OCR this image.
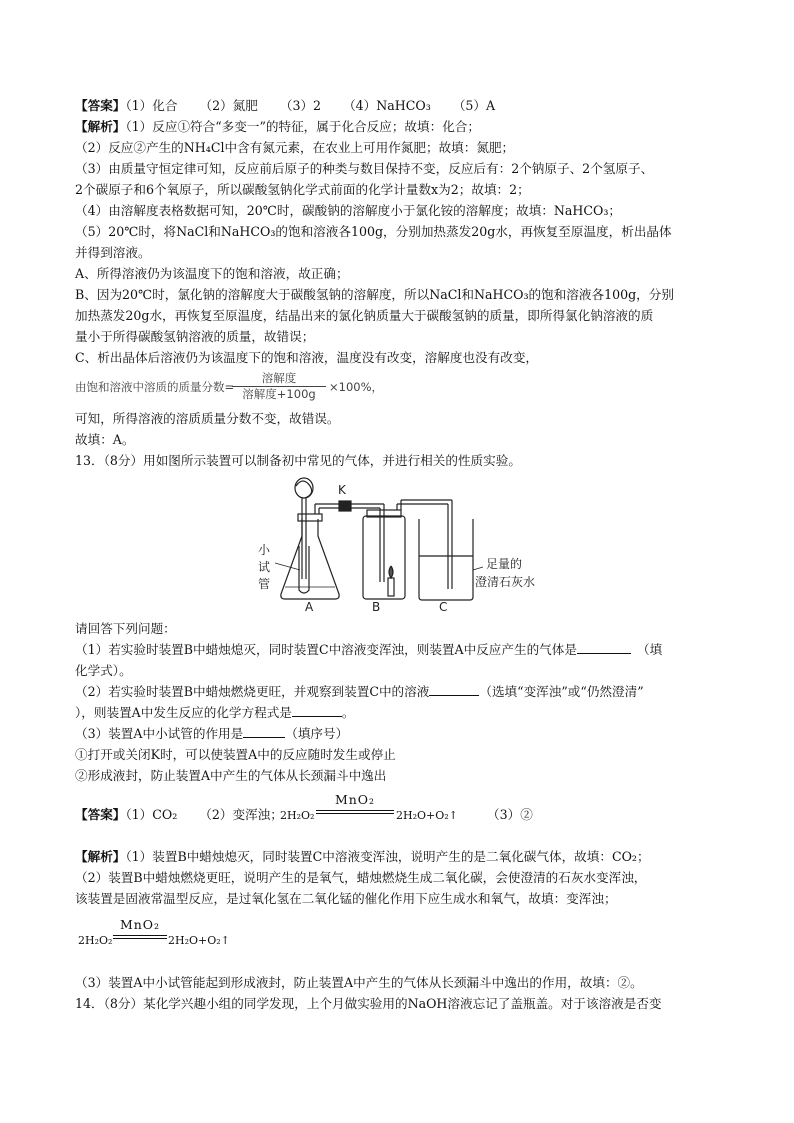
【答案】（1）化合 （2）氮肥 （3）2 （4）NaHCO₃ （5）A
【解析】（1）反应①符合“多变一”的特征，属于化合反应；故填：化合；
（2）反应②产生的NH₄Cl中含有氮元素，在农业上可用作氮肥；故填：氮肥；
（3）由质量守恒定律可知，反应前后原子的种类与数目保持不变，反应后有：2个钠原子、2个氢原子、
2个碳原子和6个氧原子，所以碳酸氢钠化学式前面的化学计量数x为2；故填：2；
（4）由溶解度表格数据可知，20℃时，碳酸钠的溶解度小于氯化铵的溶解度；故填：NaHCO₃；
（5）20℃时，将NaCl和NaHCO₃的饱和溶液各100g，分别加热蒸发20g水，再恢复至原温度，析出晶体
并得到溶液。
A、所得溶液仍为该温度下的饱和溶液，故正确；
B、因为20℃时，氯化钠的溶解度大于碳酸氢钠的溶解度，所以NaCl和NaHCO₃的饱和溶液各100g，分别
加热蒸发20g水，再恢复至原温度，结晶出来的氯化钠质量大于碳酸氢钠的质量，即所得氯化钠溶液的质
量小于所得碳酸氢钠溶液的质量，故错误；
C、析出晶体后溶液仍为该温度下的饱和溶液，温度没有改变，溶解度也没有改变，
由饱和溶液中溶质的质量分数=
溶解度
溶解度+100g	×100%，
可知，所得溶液的溶质质量分数不变，故错误。
故填：A。
13．（8分）用如图所示装置可以制备初中常见的气体，并进行相关的性质实验。
K
小
试
管
足量的
澄清石灰水
A	B	C
请回答下列问题：
（1）若实验时装置B中蜡烛熄灭，同时装置C中溶液变浑浊，则装置A中反应产生的气体是	（填
化学式）。
（2）若实验时装置B中蜡烛燃烧更旺，并观察到装置C中的溶液	（选填“变浑浊”或“仍然澄清”
），则装置A中发生反应的化学方程式是	。
（3）装置A中小试管的作用是	（填序号）
①打开或关闭K时，可以使装置A中的反应随时发生或停止
②形成液封，防止装置A中产生的气体从长颈漏斗中逸出
【答案】（1）CO₂ （2）变浑浊；
2H₂O₂
MnO₂
2H₂O+O₂↑ （3）②
【解析】（1）装置B中蜡烛熄灭，同时装置C中溶液变浑浊，说明产生的是二氧化碳气体，故填：CO₂；
（2）装置B中蜡烛燃烧更旺，说明产生的是氧气，蜡烛燃烧生成二氧化碳，会使澄清的石灰水变浑浊，
该装置是固液常温型反应，是过氧化氢在二氧化锰的催化作用下应生成水和氧气，故填：变浑浊；
2H₂O₂
MnO₂
2H₂O+O₂↑
（3）装置A中小试管能起到形成液封，防止装置A中产生的气体从长颈漏斗中逸出的作用，故填：②。
14．（8分）某化学兴趣小组的同学发现，上个月做实验用的NaOH溶液忘记了盖瓶盖。对于该溶液是否变
